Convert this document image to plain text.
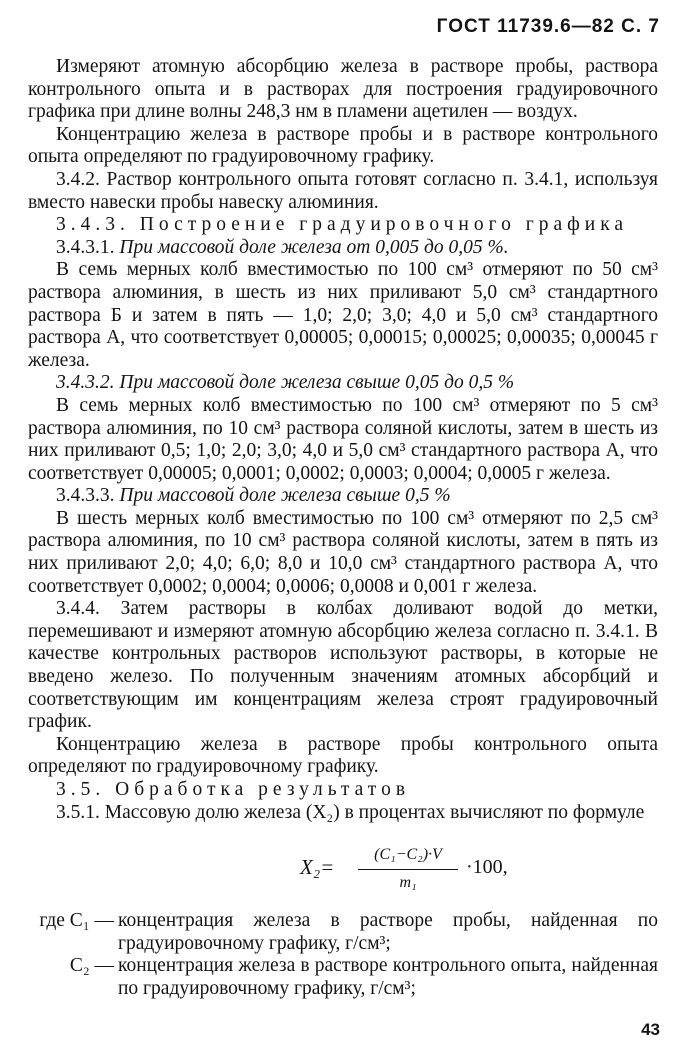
ГОСТ 11739.6—82 С. 7

Измеряют атомную абсорбцию железа в растворе пробы, раствора контрольного опыта и в растворах для построения градуировочного графика при длине волны 248,3 нм в пламени ацетилен — воздух.

Концентрацию железа в растворе пробы и в растворе контрольного опыта определяют по градуировочному графику.

3.4.2. Раствор контрольного опыта готовят согласно п. 3.4.1, используя вместо навески пробы навеску алюминия.

3.4.3. Построение градуировочного графика

3.4.3.1. При массовой доле железа от 0,005 до 0,05 %.

В семь мерных колб вместимостью по 100 см³ отмеряют по 50 см³ раствора алюминия, в шесть из них приливают 5,0 см³ стандартного раствора Б и затем в пять — 1,0; 2,0; 3,0; 4,0 и 5,0 см³ стандартного раствора А, что соответствует 0,00005; 0,00015; 0,00025; 0,00035; 0,00045 г железа.

3.4.3.2. При массовой доле железа свыше 0,05 до 0,5 %

В семь мерных колб вместимостью по 100 см³ отмеряют по 5 см³ раствора алюминия, по 10 см³ раствора соляной кислоты, затем в шесть из них приливают 0,5; 1,0; 2,0; 3,0; 4,0 и 5,0 см³ стандартного раствора А, что соответствует 0,00005; 0,0001; 0,0002; 0,0003; 0,0004; 0,0005 г железа.

3.4.3.3. При массовой доле железа свыше 0,5 %

В шесть мерных колб вместимостью по 100 см³ отмеряют по 2,5 см³ раствора алюминия, по 10 см³ раствора соляной кислоты, затем в пять из них приливают 2,0; 4,0; 6,0; 8,0 и 10,0 см³ стандартного раствора А, что соответствует 0,0002; 0,0004; 0,0006; 0,0008 и 0,001 г железа.

3.4.4. Затем растворы в колбах доливают водой до метки, перемешивают и измеряют атомную абсорбцию железа согласно п. 3.4.1. В качестве контрольных растворов используют растворы, в которые не введено железо. По полученным значениям атомных абсорбций и соответствующим им концентрациям железа строят градуировочный график.

Концентрацию железа в растворе пробы контрольного опыта определяют по градуировочному графику.

3.5. Обработка результатов

3.5.1. Массовую долю железа (X₂) в процентах вычисляют по формуле

$X_2= \frac{\text{(C₁−C₂)·V}}{\text{m₁}} \cdot 100$,
где C₁ — концентрация железа в растворе пробы, найденная по градуировочному графику, г/см³;
C₂ — концентрация железа в растворе контрольного опыта, найденная по градуировочному графику, г/см³;
43
